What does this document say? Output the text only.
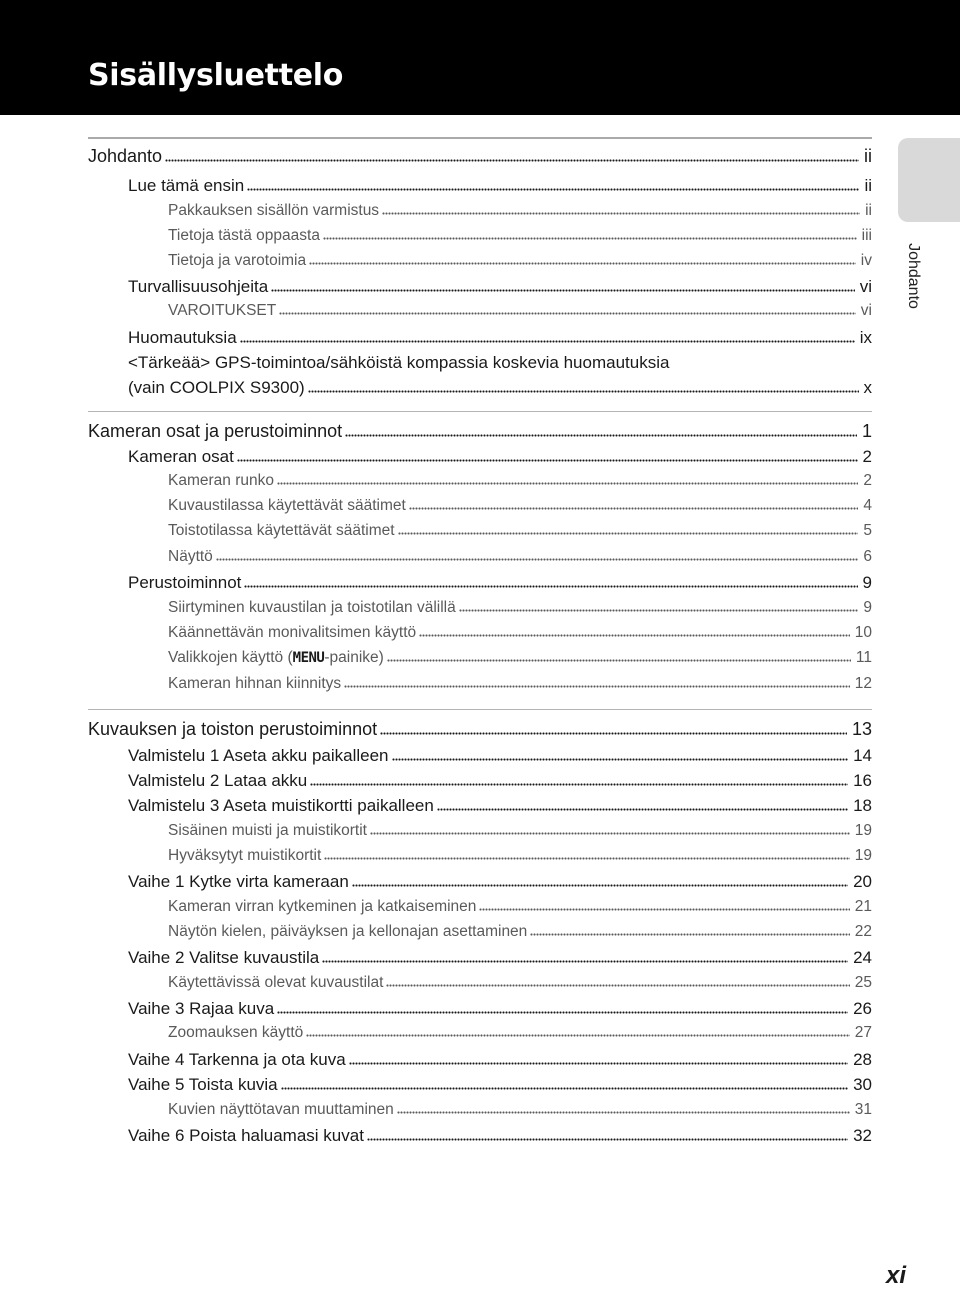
Sisällysluettelo
Johdanto
Johdanto	ii
Lue tämä ensin	ii
Pakkauksen sisällön varmistus	ii
Tietoja tästä oppaasta	iii
Tietoja ja varotoimia	iv
Turvallisuusohjeita	vi
VAROITUKSET	vi
Huomautuksia	ix
<Tärkeää> GPS-toimintoa/sähköistä kompassia koskevia huomautuksia
(vain COOLPIX S9300)	x
Kameran osat ja perustoiminnot	1
Kameran osat	2
Kameran runko	2
Kuvaustilassa käytettävät säätimet	4
Toistotilassa käytettävät säätimet	5
Näyttö	6
Perustoiminnot	9
Siirtyminen kuvaustilan ja toistotilan välillä	9
Käännettävän monivalitsimen käyttö	10
Valikkojen käyttö (MENU-painike)	11
Kameran hihnan kiinnitys	12
Kuvauksen ja toiston perustoiminnot	13
Valmistelu 1 Aseta akku paikalleen	14
Valmistelu 2 Lataa akku	16
Valmistelu 3 Aseta muistikortti paikalleen	18
Sisäinen muisti ja muistikortit	19
Hyväksytyt muistikortit	19
Vaihe 1 Kytke virta kameraan	20
Kameran virran kytkeminen ja katkaiseminen	21
Näytön kielen, päiväyksen ja kellonajan asettaminen	22
Vaihe 2 Valitse kuvaustila	24
Käytettävissä olevat kuvaustilat	25
Vaihe 3 Rajaa kuva	26
Zoomauksen käyttö	27
Vaihe 4 Tarkenna ja ota kuva	28
Vaihe 5 Toista kuvia	30
Kuvien näyttötavan muuttaminen	31
Vaihe 6 Poista haluamasi kuvat	32
xi
